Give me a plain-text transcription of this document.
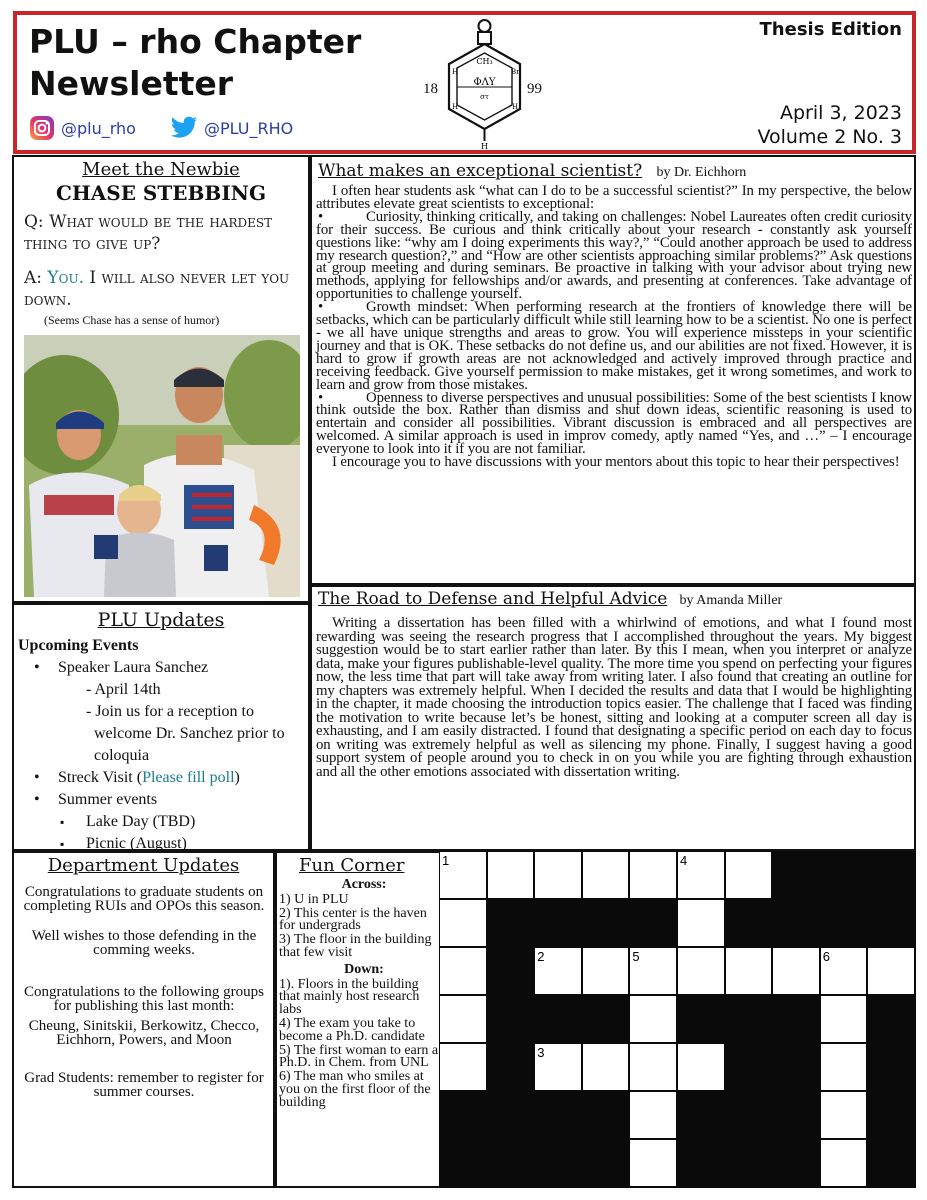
PLU – rho Chapter
Newsletter
@plu_rho	@PLU_RHO
18	99
CH₃
H	Br
ΦΛΥ
στ
H	H
H
Thesis Edition
April 3, 2023
Volume 2 No. 3
Meet the Newbie
CHASE STEBBING
Q: What would be the hardest thing to give up?
A: You. I will also never let you down.
(Seems Chase has a sense of humor)
PLU Updates
Upcoming Events
• Speaker Laura Sanchez
- April 14th
- Join us for a reception to welcome Dr. Sanchez prior to coloquia
• Streck Visit (Please fill poll)
• Summer events
▪ Lake Day (TBD)
▪ Picnic (August)
What makes an exceptional scientist? by Dr. Eichhorn
I often hear students ask “what can I do to be a successful scientist?” In my perspective, the below attributes elevate great scientists to exceptional:
•	Curiosity, thinking critically, and taking on challenges: Nobel Laureates often credit curiosity for their success. Be curious and think critically about your research - constantly ask yourself questions like: “why am I doing experiments this way?,” “Could another approach be used to address my research question?,” and “How are other scientists approaching similar problems?” Ask questions at group meeting and during seminars. Be proactive in talking with your advisor about trying new methods, applying for fellowships and/or awards, and presenting at conferences. Take advantage of opportunities to challenge yourself.
•	Growth mindset: When performing research at the frontiers of knowledge there will be setbacks, which can be particularly difficult while still learning how to be a scientist. No one is perfect - we all have unique strengths and areas to grow. You will experience missteps in your scientific journey and that is OK. These setbacks do not define us, and our abilities are not fixed. However, it is hard to grow if growth areas are not acknowledged and actively improved through practice and receiving feedback. Give yourself permission to make mistakes, get it wrong sometimes, and work to learn and grow from those mistakes.
•	Openness to diverse perspectives and unusual possibilities: Some of the best scientists I know think outside the box. Rather than dismiss and shut down ideas, scientific reasoning is used to entertain and consider all possibilities. Vibrant discussion is embraced and all perspectives are welcomed. A similar approach is used in improv comedy, aptly named “Yes, and …” – I encourage everyone to look into it if you are not familiar.
I encourage you to have discussions with your mentors about this topic to hear their perspectives!
The Road to Defense and Helpful Advice by Amanda Miller
Writing a dissertation has been filled with a whirlwind of emotions, and what I found most rewarding was seeing the research progress that I accomplished throughout the years. My biggest suggestion would be to start earlier rather than later. By this I mean, when you interpret or analyze data, make your figures publishable-level quality. The more time you spend on perfecting your figures now, the less time that part will take away from writing later. I also found that creating an outline for my chapters was extremely helpful. When I decided the results and data that I would be highlighting in the chapter, it made choosing the introduction topics easier. The challenge that I faced was finding the motivation to write because let’s be honest, sitting and looking at a computer screen all day is exhausting, and I am easily distracted. I found that designating a specific period on each day to focus on writing was extremely helpful as well as silencing my phone. Finally, I suggest having a good support system of people around you to check in on you while you are fighting through exhaustion and all the other emotions associated with dissertation writing.
Department Updates

Congratulations to graduate students on completing RUIs and OPOs this season.

Well wishes to those defending in the comming weeks.

Congratulations to the following groups for publishing this last month:

Cheung, Sinitskii, Berkowitz, Checco, Eichhorn, Powers, and Moon

Grad Students: remember to register for summer courses.

Fun Corner
Across:
1) U in PLU
2) This center is the haven for undergrads
3) The floor in the building that few visit
Down:
1). Floors in the building that mainly host research labs
4) The exam you take to become a Ph.D. candidate
5) The first woman to earn a Ph.D. in Chem. from UNL
6) The man who smiles at you on the first floor of the building
1	4
2	5	6
3
